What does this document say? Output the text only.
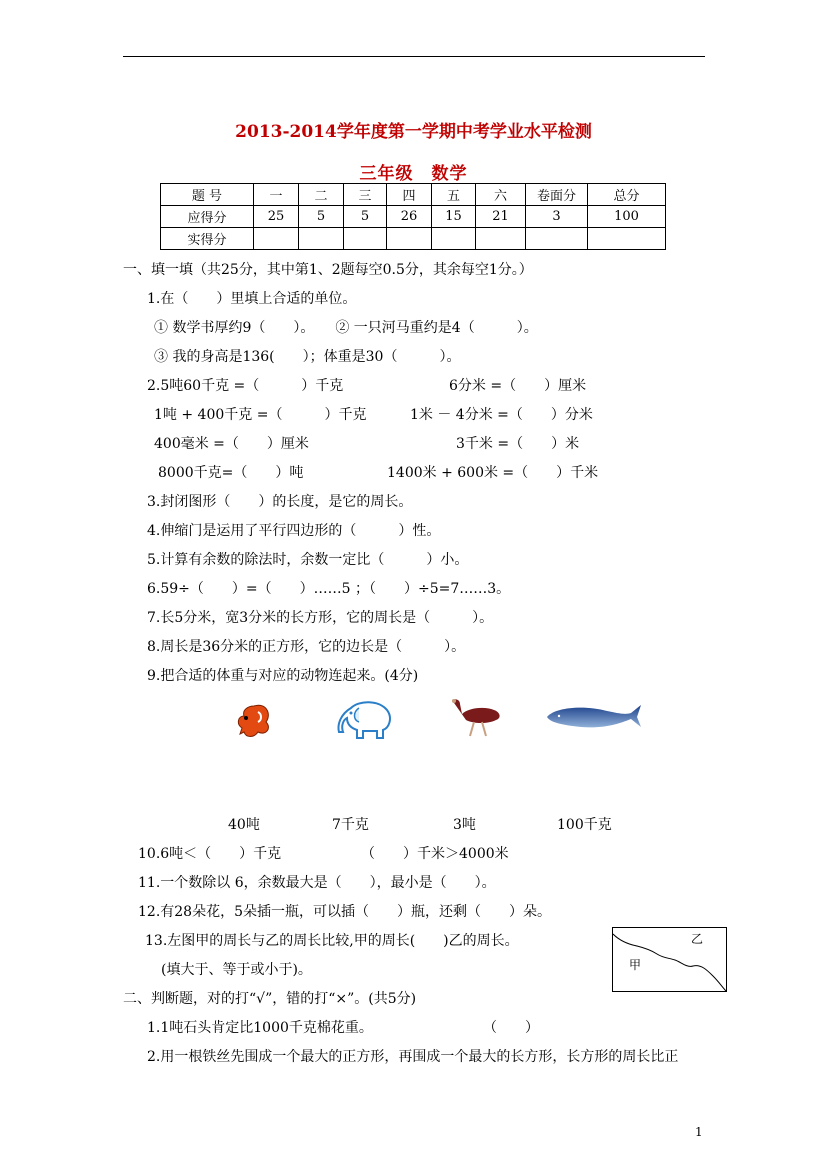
2013-2014学年度第一学期中考学业水平检测
三年级　数学
题 号	一	二	三	四	五	六	卷面分	总分
应得分	25	5	5	26	15	21	3	100
实得分								
一、填一填（共25分，其中第1、2题每空0.5分，其余每空1分。）
1.在（　　）里填上合适的单位。
① 数学书厚约9（　　）。　　② 一只河马重约是4（　　　）。
③ 我的身高是136(　　）；体重是30（　　　）。
2.5吨60千克 =（　　　）千克	6分米 =（　　）厘米
1吨 + 400千克 =（　　　）千克	1米 － 4分米 =（　　）分米
400毫米 =（　　）厘米	3千米 =（　　）米
8000千克=（　　）吨	1400米 + 600米 =（　　）千米
3.封闭图形（　　）的长度，是它的周长。
4.伸缩门是运用了平行四边形的（　　　）性。
5.计算有余数的除法时，余数一定比（　　　）小。
6.59÷（　　）=（　　）……5 ；（　　）÷5=7……3。
7.长5分米，宽3分米的长方形，它的周长是（　　　）。
8.周长是36分米的正方形，它的边长是（　　　）。
9.把合适的体重与对应的动物连起来。(4分)
40吨	7千克	3吨	100千克
10.6吨＜（　　）千克	（　　）千米＞4000米
11.一个数除以 6，余数最大是（　　），最小是（　　）。
12.有28朵花，5朵插一瓶，可以插（　　）瓶，还剩（　　）朵。
13.左图甲的周长与乙的周长比较,甲的周长(　　)乙的周长。
(填大于、等于或小于)。
乙
甲
二、判断题，对的打“√”，错的打“×”。(共5分)
1.1吨石头肯定比1000千克棉花重。	（　　）
2.用一根铁丝先围成一个最大的正方形，再围成一个最大的长方形，长方形的周长比正
1
